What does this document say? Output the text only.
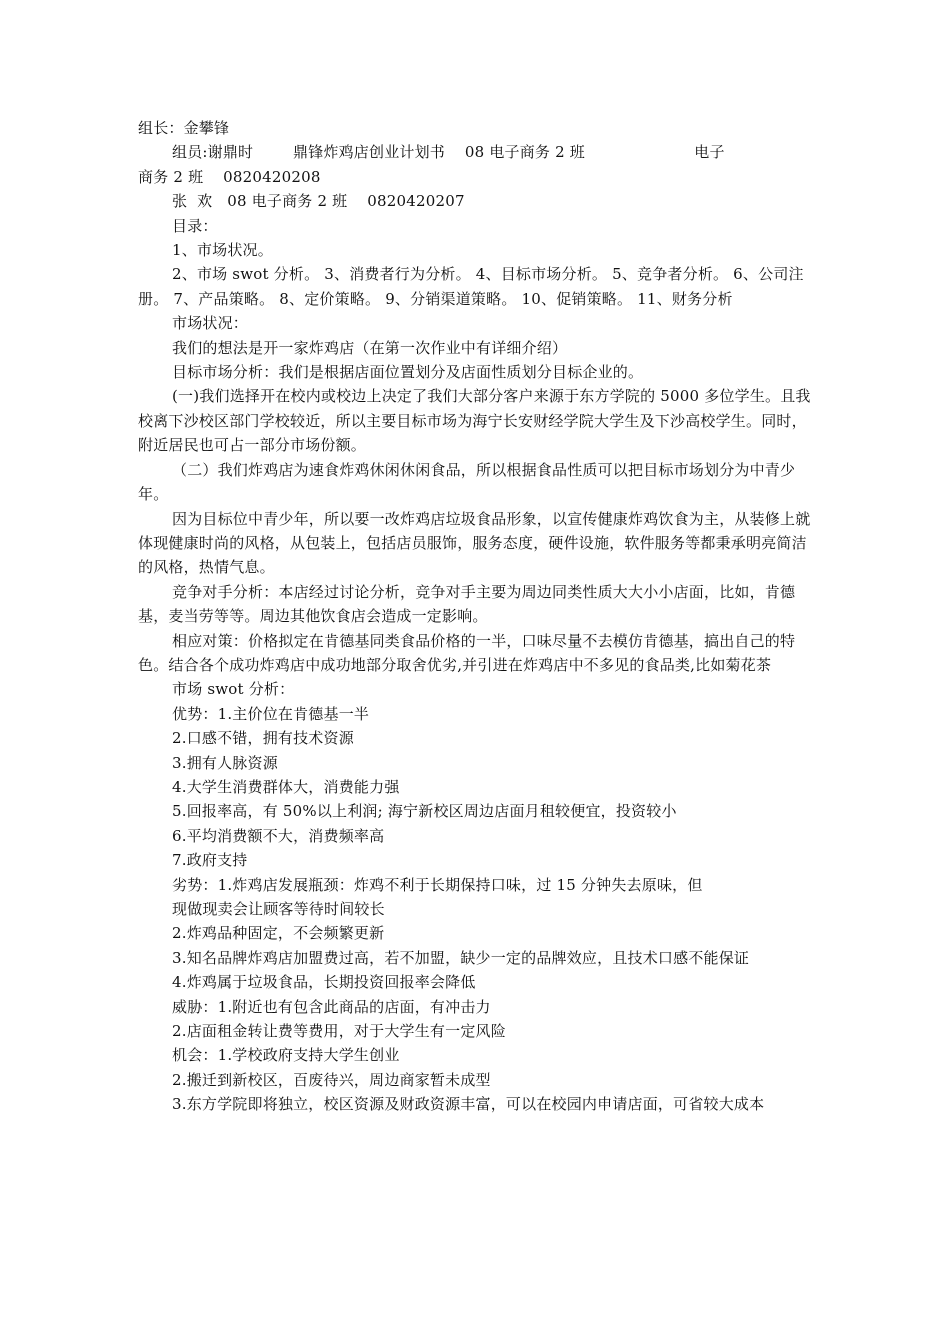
组长：金攀锋

组员:谢鼎时        鼎锋炸鸡店创业计划书    08 电子商务 2 班                      电子

商务 2 班    0820420208

张  欢   08 电子商务 2 班    0820420207

目录：

1、市场状况。

2、市场 swot 分析。 3、消费者行为分析。 4、目标市场分析。 5、竞争者分析。 6、公司注册。 7、产品策略。 8、定价策略。 9、分销渠道策略。 10、促销策略。 11、财务分析

市场状况：

我们的想法是开一家炸鸡店（在第一次作业中有详细介绍）

目标市场分析：我们是根据店面位置划分及店面性质划分目标企业的。

(一)我们选择开在校内或校边上决定了我们大部分客户来源于东方学院的 5000 多位学生。且我校离下沙校区部门学校较近，所以主要目标市场为海宁长安财经学院大学生及下沙高校学生。同时，附近居民也可占一部分市场份额。

（二）我们炸鸡店为速食炸鸡休闲休闲食品，所以根据食品性质可以把目标市场划分为中青少年。

因为目标位中青少年，所以要一改炸鸡店垃圾食品形象，以宣传健康炸鸡饮食为主，从装修上就体现健康时尚的风格，从包装上，包括店员服饰，服务态度，硬件设施，软件服务等都秉承明亮简洁的风格，热情气息。

竞争对手分析：本店经过讨论分析，竞争对手主要为周边同类性质大大小小店面，比如，肯德基，麦当劳等等。周边其他饮食店会造成一定影响。

相应对策：价格拟定在肯德基同类食品价格的一半，口味尽量不去模仿肯德基，搞出自己的特色。结合各个成功炸鸡店中成功地部分取舍优劣,并引进在炸鸡店中不多见的食品类,比如菊花茶

市场 swot 分析：

优势：1.主价位在肯德基一半

2.口感不错，拥有技术资源

3.拥有人脉资源

4.大学生消费群体大，消费能力强

5.回报率高，有 50%以上利润; 海宁新校区周边店面月租较便宜，投资较小

6.平均消费额不大，消费频率高

7.政府支持

劣势：1.炸鸡店发展瓶颈：炸鸡不利于长期保持口味，过 15 分钟失去原味，但

现做现卖会让顾客等待时间较长

2.炸鸡品种固定，不会频繁更新

3.知名品牌炸鸡店加盟费过高，若不加盟，缺少一定的品牌效应，且技术口感不能保证

4.炸鸡属于垃圾食品，长期投资回报率会降低

威胁：1.附近也有包含此商品的店面，有冲击力

2.店面租金转让费等费用，对于大学生有一定风险

机会：1.学校政府支持大学生创业

2.搬迁到新校区，百废待兴，周边商家暂未成型

3.东方学院即将独立，校区资源及财政资源丰富，可以在校园内申请店面，可省较大成本
